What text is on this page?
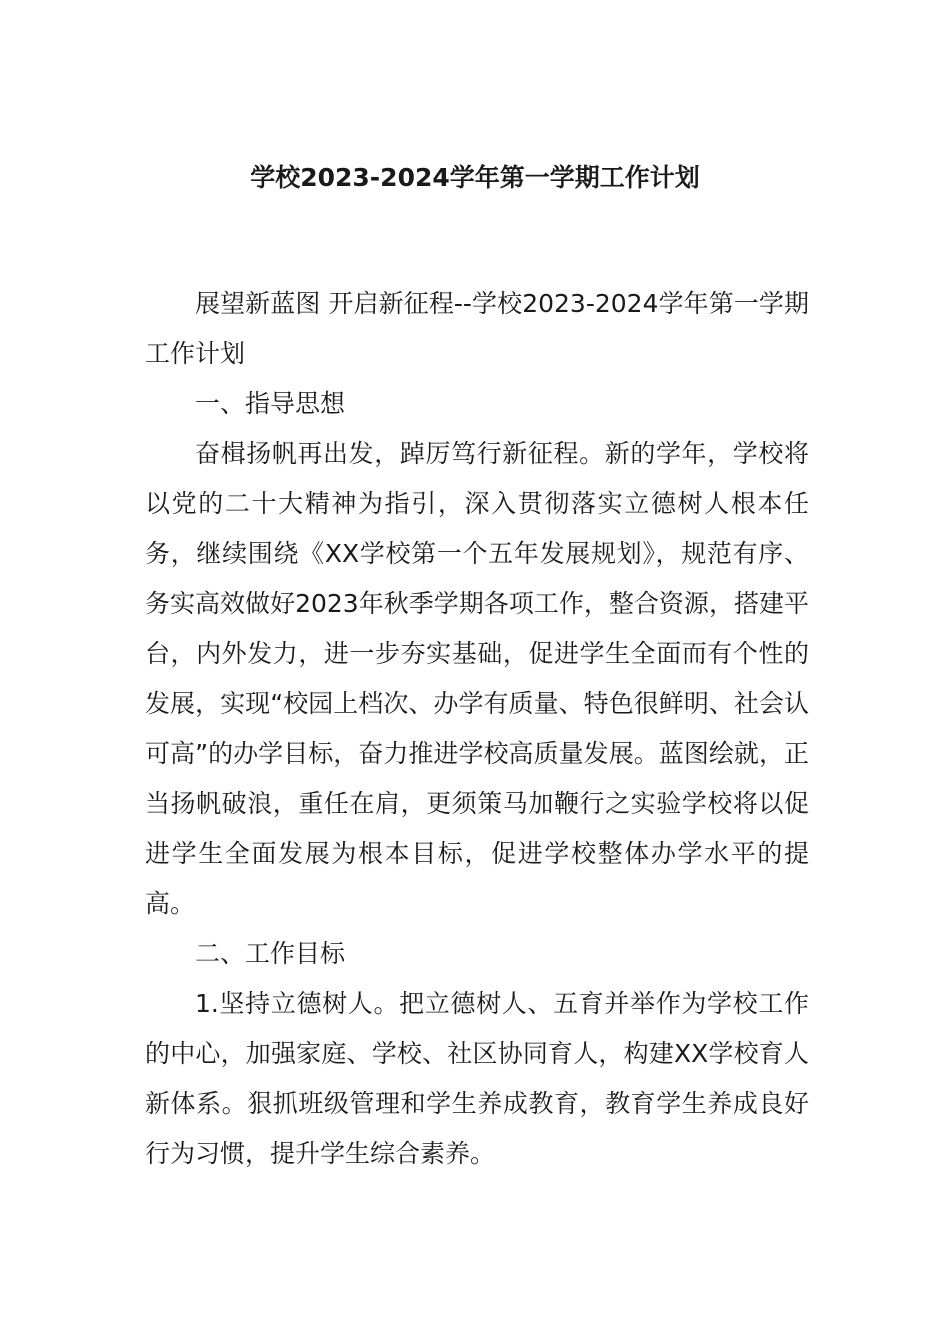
学校2023-2024学年第一学期工作计划

展望新蓝图 开启新征程--学校2023-2024学年第一学期工作计划

一、指导思想

奋楫扬帆再出发，踔厉笃行新征程。新的学年，学校将以党的二十大精神为指引，深入贯彻落实立德树人根本任务，继续围绕《XX学校第一个五年发展规划》，规范有序、务实高效做好2023年秋季学期各项工作，整合资源，搭建平台，内外发力，进一步夯实基础，促进学生全面而有个性的发展，实现“校园上档次、办学有质量、特色很鲜明、社会认可高”的办学目标，奋力推进学校高质量发展。蓝图绘就，正当扬帆破浪，重任在肩，更须策马加鞭行之实验学校将以促进学生全面发展为根本目标，促进学校整体办学水平的提高。

二、工作目标

1.坚持立德树人。把立德树人、五育并举作为学校工作的中心，加强家庭、学校、社区协同育人，构建XX学校育人新体系。狠抓班级管理和学生养成教育，教育学生养成良好行为习惯，提升学生综合素养。
